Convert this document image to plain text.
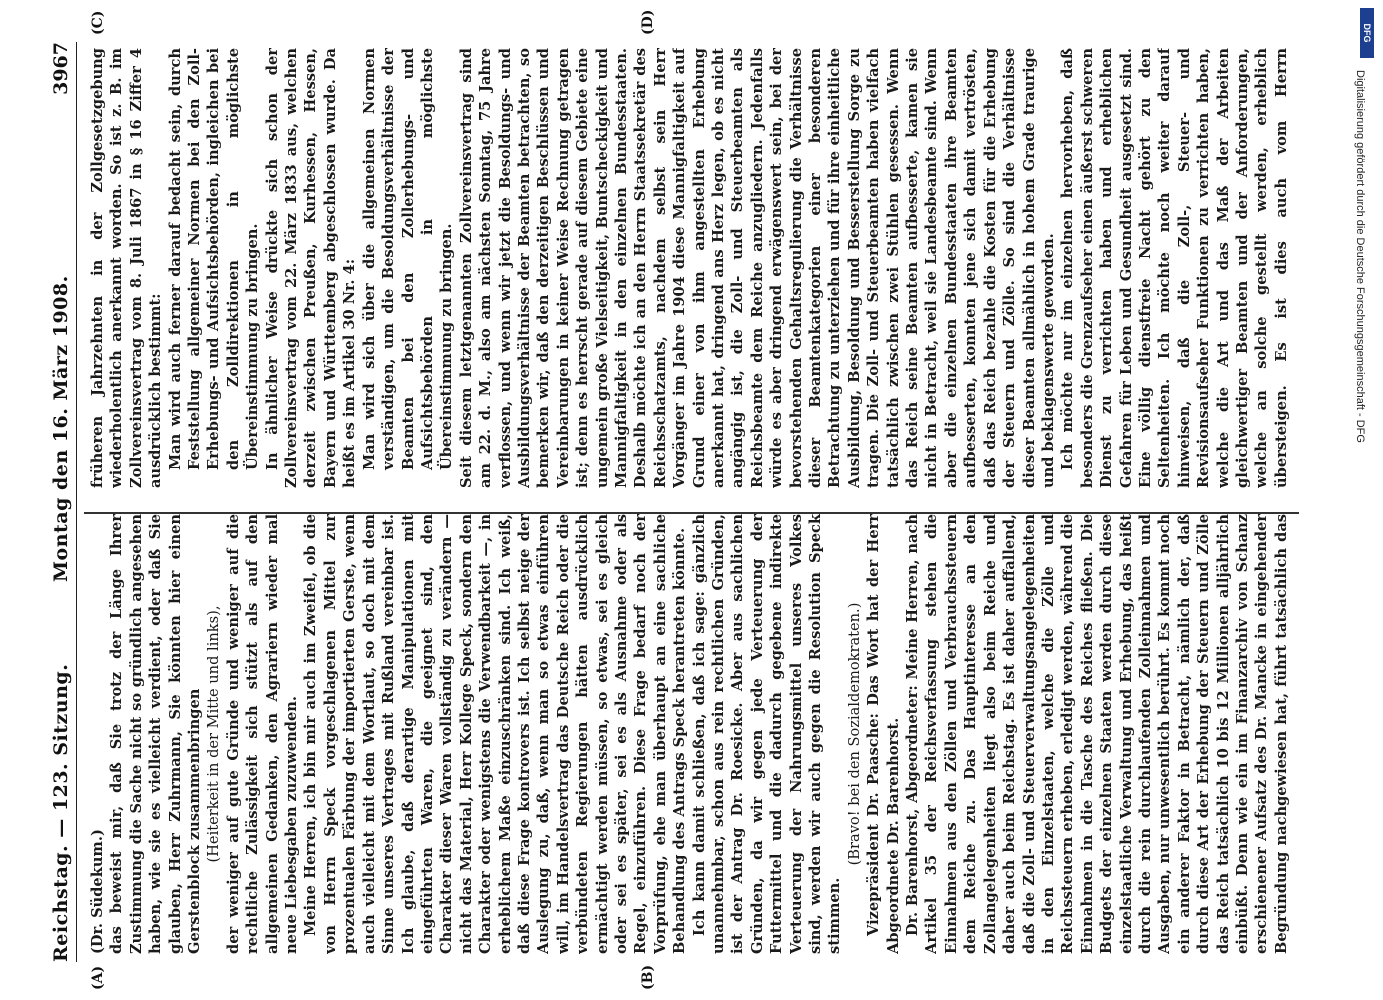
Reichstag. — 123. Sitzung.
Montag den 16. März 1908.
3967
(A)	(B)
(C)	(D)

(Dr. Südekum.) das beweist mir, daß Sie trotz der Länge Ihrer Zustimmung die Sache nicht so gründlich angesehen haben, wie sie es vielleicht verdient, oder daß Sie glauben, Herr Zuhrmann, Sie könnten hier einen Gerstenblock zusammenbringen (Heiterkeit in der Mitte und links), der weniger auf gute Gründe und weniger auf die rechtliche Zulässigkeit sich stützt als auf den allgemeinen Gedanken, den Agrariern wieder mal neue Liebesgaben zuzuwenden. Meine Herren, ich bin mir auch im Zweifel, ob die von Herrn Speck vorgeschlagenen Mittel zur prozentualen Färbung der importierten Gerste, wenn auch vielleicht mit dem Wortlaut, so doch mit dem Sinne unseres Vertrages mit Rußland vereinbar ist. Ich glaube, daß derartige Manipulationen mit eingeführten Waren, die geeignet sind, den Charakter dieser Waren vollständig zu verändern — nicht das Material, Herr Kollege Speck, sondern den Charakter oder wenigstens die Verwendbarkeit —, in erheblichem Maße einzuschränken sind. Ich weiß, daß diese Frage kontrovers ist. Ich selbst neige der Auslegung zu, daß, wenn man so etwas einführen will, im Handelsvertrag das Deutsche Reich oder die verbündeten Regierungen hätten ausdrücklich ermächtigt werden müssen, so etwas, sei es gleich oder sei es später, sei es als Ausnahme oder als Regel, einzuführen. Diese Frage bedarf noch der Vorprüfung, ehe man überhaupt an eine sachliche Behandlung des Antrags Speck herantreten könnte. Ich kann damit schließen, daß ich sage: gänzlich unannehmbar, schon aus rein rechtlichen Gründen, ist der Antrag Dr. Roesicke. Aber aus sachlichen Gründen, da wir gegen jede Verteuerung der Futtermittel und die dadurch gegebene indirekte Verteuerung der Nahrungsmittel unseres Volkes sind, werden wir auch gegen die Resolution Speck stimmen.

(Bravo! bei den Sozialdemokraten.) Vizepräsident Dr. Paasche: Das Wort hat der Herr Abgeordnete Dr. Barenhorst. Dr. Barenhorst, Abgeordneter: Meine Herren, nach Artikel 35 der Reichsverfassung stehen die Einnahmen aus den Zöllen und Verbrauchssteuern dem Reiche zu. Das Hauptinteresse an den Zollangelegenheiten liegt also beim Reiche und daher auch beim Reichstag. Es ist daher auffallend, daß die Zoll- und Steuerverwaltungsangelegenheiten in den Einzelstaaten, welche die Zölle und Reichssteuern erheben, erledigt werden, während die Einnahmen in die Tasche des Reiches fließen. Die Budgets der einzelnen Staaten werden durch diese einzelstaatliche Verwaltung und Erhebung, das heißt durch die rein durchlaufenden Zolleinnahmen und Ausgaben, nur unwesentlich berührt. Es kommt noch ein anderer Faktor in Betracht, nämlich der, daß durch diese Art der Erhebung der Steuern und Zölle das Reich tatsächlich 10 bis 12 Millionen alljährlich einbüßt. Denn wie ein im Finanzarchiv von Schanz erschienener Aufsatz des Dr. Mancke in eingehender Begründung nachgewiesen hat, führt tatsächlich das

früheren Jahrzehnten in der Zollgesetzgebung wiederholentlich anerkannt worden. So ist z. B. im Zollvereinsvertrag vom 8. Juli 1867 in § 16 Ziffer 4 ausdrücklich bestimmt: Man wird auch ferner darauf bedacht sein, durch Feststellung allgemeiner Normen bei den Zoll-Erhebungs- und Aufsichtsbehörden, ingleichen bei den Zolldirektionen in möglichste Übereinstimmung zu bringen. In ähnlicher Weise drückte sich schon der Zollvereinsvertrag vom 22. März 1833 aus, welchen derzeit zwischen Preußen, Kurhessen, Hessen, Bayern und Württemberg abgeschlossen wurde. Da heißt es im Artikel 30 Nr. 4: Man wird sich über die allgemeinen Normen verständigen, um die Besoldungsverhältnisse der Beamten bei den Zollerhebungs- und Aufsichtsbehörden in möglichste Übereinstimmung zu bringen. Seit diesem letztgenannten Zollvereinsvertrag sind am 22. d. M., also am nächsten Sonntag, 75 Jahre verflossen, und wenn wir jetzt die Besoldungs- und Ausbildungsverhältnisse der Beamten betrachten, so bemerken wir, daß den derzeitigen Beschlüssen und Vereinbarungen in keiner Weise Rechnung getragen ist; denn es herrscht gerade auf diesem Gebiete eine ungemein große Vielseitigkeit, Buntscheckigkeit und Mannigfaltigkeit in den einzelnen Bundesstaaten. Deshalb möchte ich an den Herrn Staatssekretär des Reichsschatzamts, nachdem selbst sein Herr Vorgänger im Jahre 1904 diese Mannigfaltigkeit auf Grund einer von ihm angestellten Erhebung anerkannt hat, dringend ans Herz legen, ob es nicht angängig ist, die Zoll- und Steuerbeamten als Reichsbeamte dem Reiche anzugliedern. Jedenfalls würde es aber dringend erwägenswert sein, bei der bevorstehenden Gehaltsregulierung die Verhältnisse dieser Beamtenkategorien einer besonderen Betrachtung zu unterziehen und für ihre einheitliche Ausbildung, Besoldung und Besserstellung Sorge zu tragen. Die Zoll- und Steuerbeamten haben vielfach tatsächlich zwischen zwei Stühlen gesessen. Wenn das Reich seine Beamten aufbesserte, kamen sie nicht in Betracht, weil sie Landesbeamte sind. Wenn aber die einzelnen Bundesstaaten ihre Beamten aufbesserten, konnten jene sich damit vertrösten, daß das Reich bezahle die Kosten für die Erhebung der Steuern und Zölle. So sind die Verhältnisse dieser Beamten allmählich in hohem Grade traurige und beklagenswerte geworden. Ich möchte nur im einzelnen hervorheben, daß besonders die Grenzaufseher einen äußerst schweren Dienst zu verrichten haben und erheblichen Gefahren für Leben und Gesundheit ausgesetzt sind. Eine völlig dienstfreie Nacht gehört zu den Seltenheiten. Ich möchte noch weiter darauf hinweisen, daß die Zoll-, Steuer- und Revisionsaufseher Funktionen zu verrichten haben, welche die Art und das Maß der Arbeiten gleichwertiger Beamten und der Anforderungen, welche an solche gestellt werden, erheblich übersteigen. Es ist dies auch vom Herrn

DFG
Digitalisierung gefördert durch die Deutsche Forschungsgemeinschaft - DFG
